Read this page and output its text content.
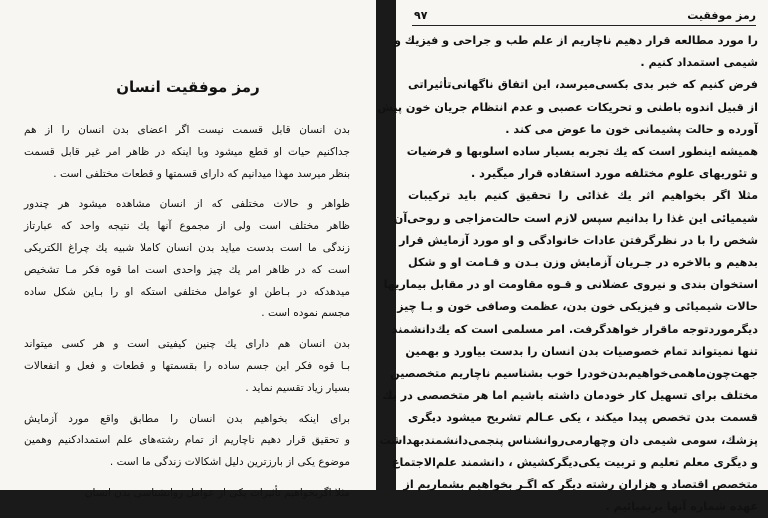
رمز موفقیت انسان
بدن انسان قابل قسمت نیست اگر اعضای بدن انسان را از هم
جداکنیم حیات او قطع میشود وبا اینکه در ظاهر امر غیر قابل قسمت
بنظر میرسد مهذا میدانیم که دارای قسمتها و قطعات مختلفی است .
ظواهر و حالات مختلفی که از انسان مشاهده میشود هر چندور
ظاهر مختلف است ولی از مجموع آنها یك نتیجه واحد که عبارتاز
زندگی ما است بدست میاید بدن انسان کاملا شبیه یك چراغ الکتریکی
است که در ظاهر امر یك چیز واحدی است اما قوه فکر مـا تشخیص
میدهدکه در بـاطن او عوامل مختلفی استکه او را بـاین شکل ساده
مجسم نموده است .
بدن انسان هم دارای یك چنین کیفیتی است و هر کسی میتواند
بـا قوه فکر این جسم ساده را بقسمتها و قطعات و فعل و انفعالات
بسیار زیاد تقسیم نماید .
برای اینکه بخواهیم بدن انسان را مطابق واقع مورد آزمایش
و تحقیق قرار دهیم ناچاریم از تمام رشته‌های علم استمدادکنیم وهمین
موضوع یکی از بارزترین دلیل اشکالات زندگی ما است .
مثلا اگربخواهیم تأثیرات یکی از عوامل روانشناسی بدن انسان
۹۷	رمز موفقیت
را مورد مطالعه قرار دهیم ناچاریم از علم طب و جراحی و فیزیك و
شیمی استمداد کنیم .
فرض کنیم که خبر بدی بکسی‌میرسد، این اتفاق ناگهانی‌تأثیراتی
از قبیل اندوه باطنی و تحریکات عصبی و عدم انتظام جریان خون پیش
آورده و حالت پشیمانی خون ما عوض می کند .
همیشه اینطور است که یك تجربه بسیار ساده اسلوبها و فرضیات
و تئوریهای علوم مختلفه مورد استفاده قرار میگیرد .
مثلا اگر بخواهیم اثر یك غذائی را تحقیق کنیم باید ترکیبات
شیمیائی این غذا را بدانیم سپس لازم است حالت‌مزاجی و روحی‌آن
شخص را با در نظرگرفتن عادات خانوادگی و او مورد آزمایش قرار
بدهیم و بالاخره در جـریان آزمایش وزن بـدن و قـامت او و شکل
استخوان بندی و نیروی عضلانی و قـوه مقاومت او در مقابل بیماریها
حالات شیمیائی و فیزیکی خون بدن، عظمت وصافی خون و بـا چیز
دیگرموردتوجه ماقرار خواهدگرفت. امر مسلمی است که یك‌دانشمند
تنها نمیتواند تمام خصوصیات بدن انسان را بدست بیاورد و بهمین
جهت‌چون‌ماهمی‌خواهیم‌بدن‌خودرا خوب بشناسیم ناچاریم متخصصین
مختلف برای تسهیل کار خودمان داشته باشیم اما هر متخصصی در یك
قسمت بدن تخصص پیدا میکند ، یکی عـالم تشریح میشود دیگری
پزشك، سومی شیمی دان وچهارمی‌روانشناس پنجمی‌دانشمندبهداشت
و دیگری معلم تعلیم و تربیت یکی‌دیگرکشیش ، دانشمند علم‌الاجتماع
متخصص اقتصاد و هزاران رشته دیگر که اگـر بخواهیم بشماریم از
عهده شماره آنها برنمیائیم .
